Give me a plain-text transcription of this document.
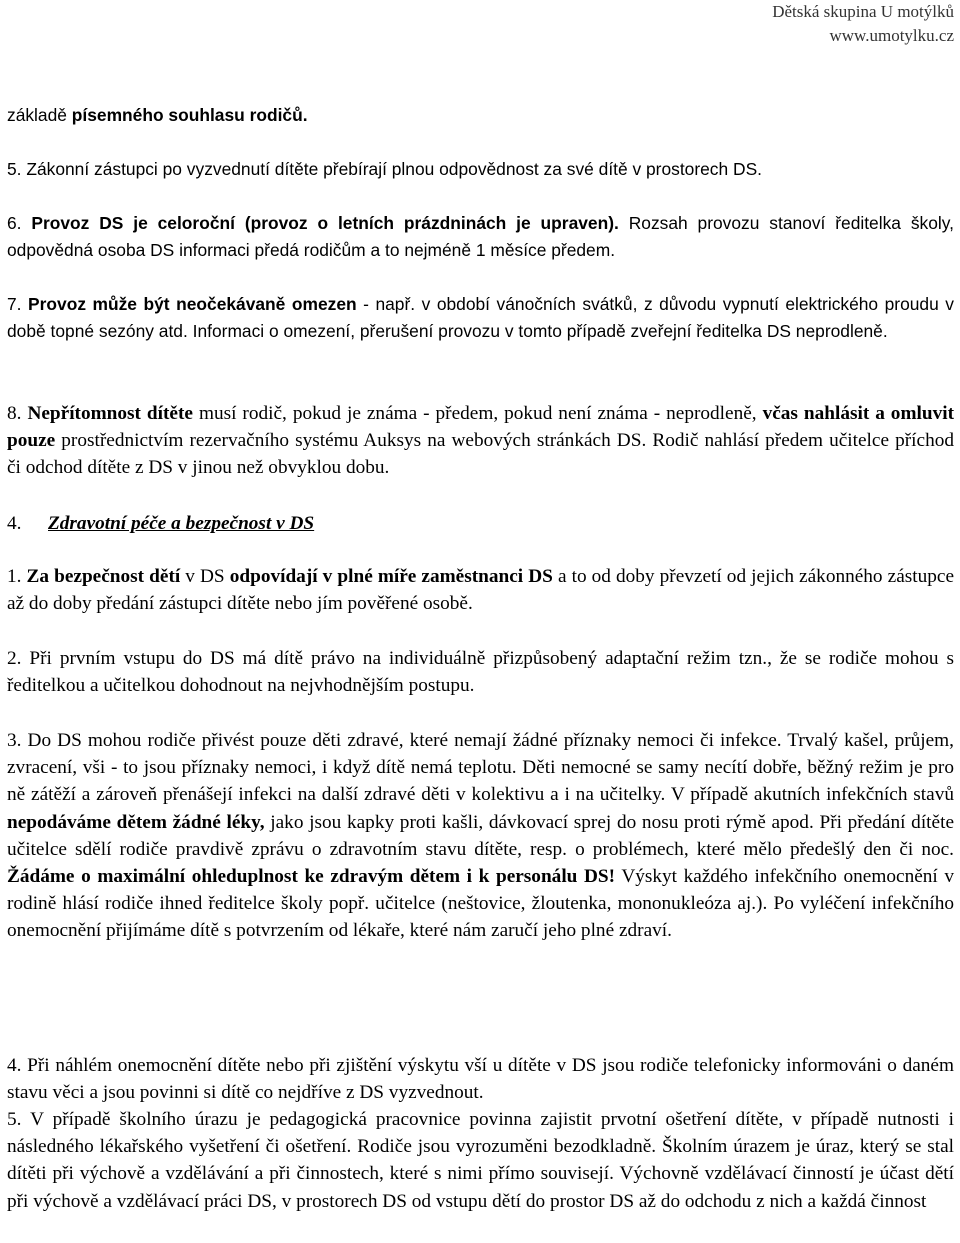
Dětská skupina U motýlků
www.umotylku.cz

základě písemného souhlasu rodičů.

5. Zákonní zástupci po vyzvednutí dítěte přebírají plnou odpovědnost za své dítě v prostorech DS.

6. Provoz DS je celoroční (provoz o letních prázdninách je upraven). Rozsah provozu stanoví ředitelka školy, odpovědná osoba DS informaci předá rodičům a to nejméně 1 měsíce předem.

7. Provoz může být neočekávaně omezen - např. v období vánočních svátků, z důvodu vypnutí elektrického proudu v době topné sezóny atd. Informaci o omezení, přerušení provozu v tomto případě zveřejní ředitelka DS neprodleně.

8. Nepřítomnost dítěte musí rodič, pokud je známa - předem, pokud není známa - neprodleně, včas nahlásit a omluvit pouze prostřednictvím rezervačního systému Auksys na webových stránkách DS. Rodič nahlásí předem učitelce příchod či odchod dítěte z DS v jinou než obvyklou dobu.

1. Za bezpečnost dětí v DS odpovídají v plné míře zaměstnanci DS a to od doby převzetí od jejich zákonného zástupce až do doby předání zástupci dítěte nebo jím pověřené osobě.

2. Při prvním vstupu do DS má dítě právo na individuálně přizpůsobený adaptační režim tzn., že se rodiče mohou s ředitelkou a učitelkou dohodnout na nejvhodnějším postupu.

3. Do DS mohou rodiče přivést pouze děti zdravé, které nemají žádné příznaky nemoci či infekce. Trvalý kašel, průjem, zvracení, vši - to jsou příznaky nemoci, i když dítě nemá teplotu. Děti nemocné se samy necítí dobře, běžný režim je pro ně zátěží a zároveň přenášejí infekci na další zdravé děti v kolektivu a i na učitelky. V případě akutních infekčních stavů nepodáváme dětem žádné léky, jako jsou kapky proti kašli, dávkovací sprej do nosu proti rýmě apod. Při předání dítěte učitelce sdělí rodiče pravdivě zprávu o zdravotním stavu dítěte, resp. o problémech, které mělo předešlý den či noc. Žádáme o maximální ohleduplnost ke zdravým dětem i k personálu DS! Výskyt každého infekčního onemocnění v rodině hlásí rodiče ihned ředitelce školy popř. učitelce (neštovice, žloutenka, mononukleóza aj.). Po vyléčení infekčního onemocnění přijímáme dítě s potvrzením od lékaře, které nám zaručí jeho plné zdraví.

4. Při náhlém onemocnění dítěte nebo při zjištění výskytu vší u dítěte v DS jsou rodiče telefonicky informováni o daném stavu věci a jsou povinni si dítě co nejdříve z DS vyzvednout.

5. V případě školního úrazu je pedagogická pracovnice povinna zajistit prvotní ošetření dítěte, v případě nutnosti i následného lékařského vyšetření či ošetření. Rodiče jsou vyrozuměni bezodkladně. Školním úrazem je úraz, který se stal dítěti při výchově a vzdělávání a při činnostech, které s nimi přímo souvisejí. Výchovně vzdělávací činností je účast dětí při výchově a vzdělávací práci DS, v prostorech DS od vstupu dětí do prostor DS až do odchodu z nich a každá činnost

4. Zdravotní péče a bezpečnost v DS
